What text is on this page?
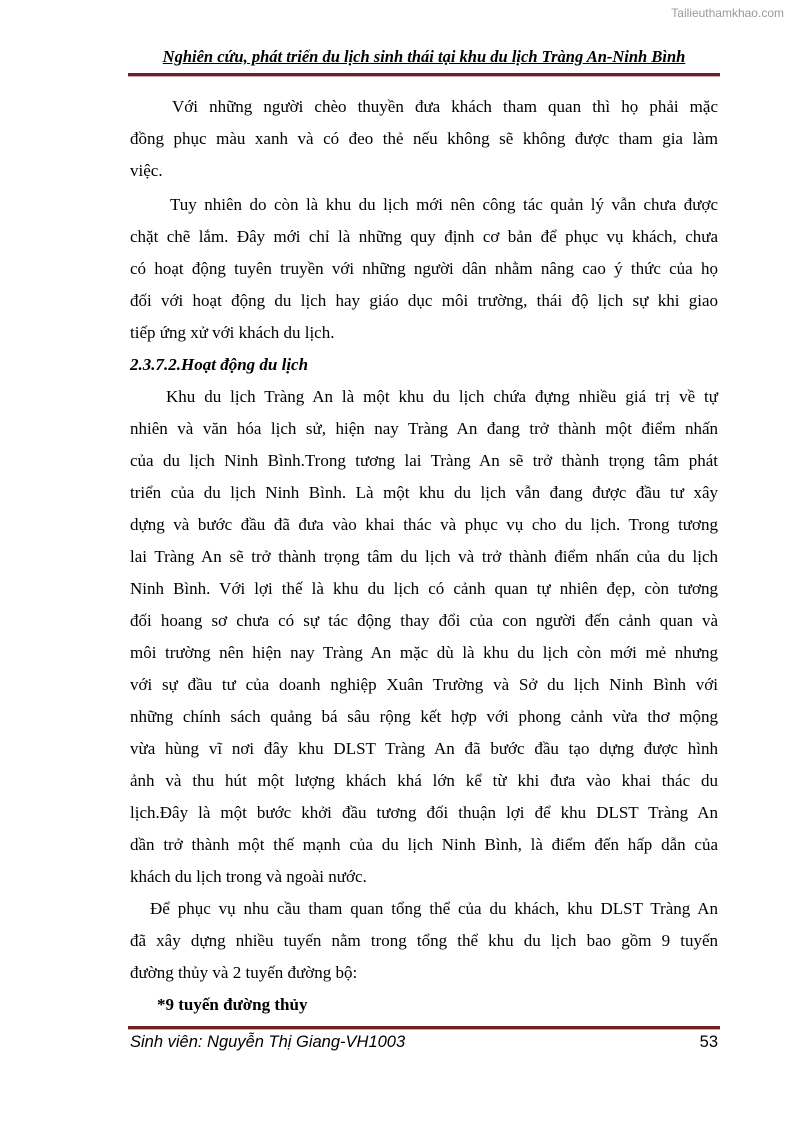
Tailieuthamkhao.com
Nghiên cứu, phát triển du lịch sinh thái tại khu du lịch Tràng An-Ninh Bình
Với những người chèo thuyền đưa khách tham quan thì họ phải mặc
đồng phục màu xanh và có đeo thẻ nếu không sẽ không được tham gia làm
việc.
Tuy nhiên do còn là khu du lịch mới nên công tác quản lý vẫn chưa được
chặt chẽ lắm. Đây mới chỉ là những quy định cơ bản để phục vụ khách, chưa
có hoạt động tuyên truyền với những người dân nhằm nâng cao ý thức của họ
đối với hoạt động du lịch hay giáo dục môi trường, thái độ lịch sự khi giao
tiếp ứng xử với khách du lịch.
2.3.7.2.Hoạt động du lịch
Khu du lịch Tràng An là một khu du lịch chứa đựng nhiều giá trị về tự
nhiên và văn hóa lịch sử, hiện nay Tràng An đang trở thành một điểm nhấn
của du lịch Ninh Bình.Trong tương lai Tràng An sẽ trở thành trọng tâm phát
triển của du lịch Ninh Bình. Là một khu du lịch vẫn đang được đầu tư xây
dựng và bước đầu đã đưa vào khai thác và phục vụ cho du lịch. Trong tương
lai Tràng An sẽ trở thành trọng tâm du lịch và trở thành điểm nhấn của du lịch
Ninh Bình. Với lợi thế là khu du lịch có cảnh quan tự nhiên đẹp, còn tương
đối hoang sơ chưa có sự tác động thay đổi của con người đến cảnh quan và
môi trường nên hiện nay Tràng An mặc dù là khu du lịch còn mới mẻ nhưng
với sự đầu tư của doanh nghiệp Xuân Trường và Sở du lịch Ninh Bình với
những chính sách quảng bá sâu rộng kết hợp với phong cảnh vừa thơ mộng
vừa hùng vĩ nơi đây khu DLST Tràng An đã bước đầu tạo dựng được hình
ảnh và thu hút một lượng khách khá lớn kể từ khi đưa vào khai thác du
lịch.Đây là một bước khởi đầu tương đối thuận lợi để khu DLST Tràng An
dần trở thành một thế mạnh của du lịch Ninh Bình, là điểm đến hấp dẫn của
khách du lịch trong và ngoài nước.
Để phục vụ nhu cầu tham quan tổng thể của du khách, khu DLST Tràng An
đã xây dựng nhiều tuyến nằm trong tổng thể khu du lịch bao gồm 9 tuyến
đường thủy và 2 tuyến đường bộ:
*9 tuyến đường thủy
Sinh viên: Nguyễn Thị Giang-VH1003	53
